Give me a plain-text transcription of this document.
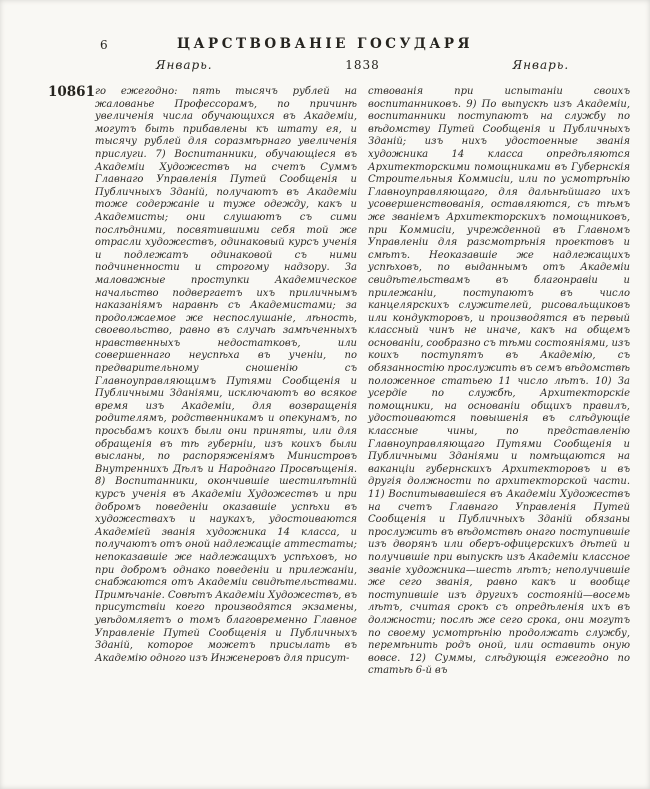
6	ЦАРСТВОВАНІЕ ГОСУДАРЯ
Январь.	1838	Январь.
10861 го ежегодно: пять тысячъ рублей на жалованье Профессорамъ, по причинѣ увеличенія числа обучающихся въ Академіи, могутъ быть прибавлены къ штату ея, и тысячу рублей для соразмѣрнаго увеличенія прислуги. 7) Воспитанники, обучающіеся въ Академіи Художествъ на счетъ Суммъ Главнаго Управленія Путей Сообщенія и Публичныхъ Зданій, получаютъ въ Академіи тоже содержаніе и туже одежду, какъ и Академисты; они слушаютъ съ сими послѣдними, посвятившими себя той же отрасли художествъ, одинаковый курсъ ученія и подлежатъ одинаковой съ ними подчиненности и строгому надзору. За маловажные проступки Академическое начальство подвергаетъ ихъ приличнымъ наказаніямъ наравнѣ съ Академистами; за продолжаемое же неспослушаніе, лѣность, своевольство, равно въ случаѣ замѣченныхъ нравственныхъ недостатковъ, или совершеннаго неуспѣха въ ученіи, по предварительному сношенію съ Главноуправляющимъ Путями Сообщенія и Публичными Зданіями, исключаютъ во всякое время изъ Академіи, для возвращенія родителямъ, родственникамъ и опекунамъ, по просьбамъ коихъ были они приняты, или для обращенія въ тѣ губерніи, изъ коихъ были высланы, по распоряженіямъ Министровъ Внутреннихъ Дѣлъ и Народнаго Просвѣщенія. 8) Воспитанники, окончившіе шестилѣтній курсъ ученія въ Академіи Художествъ и при добромъ поведеніи оказавшіе успѣхи въ художествахъ и наукахъ, удостоиваются Академіей званія художника 14 класса, и получаютъ отъ оной надлежащіе аттестаты; непоказавшіе же надлежащихъ успѣховъ, но при добромъ однако поведеніи и прилежаніи, снабжаются отъ Академіи свидѣтельствами. Примѣчаніе. Совѣтъ Академіи Художествъ, въ присутствіи коего производятся экзамены, увѣдомляетъ о томъ благовременно Главное Управленіе Путей Сообщенія и Публичныхъ Зданій, которое можетъ присылать въ Академію одного изъ Инженеровъ для присут-
ствованія при испытаніи своихъ воспитанниковъ. 9) По выпускѣ изъ Академіи, воспитанники поступаютъ на службу по вѣдомству Путей Сообщенія и Публичныхъ Зданій; изъ нихъ удостоенные званія художника 14 класса опредѣляются Архитекторскими помощниками въ Губернскія Строительныя Коммисіи, или по усмотрѣнію Главноуправляющаго, для дальнѣйшаго ихъ усовершенствованія, оставляются, съ тѣмъ же званіемъ Архитекторскихъ помощниковъ, при Коммисіи, учрежденной въ Главномъ Управленіи для разсмотрѣнія проектовъ и смѣтъ. Неоказавшіе же надлежащихъ успѣховъ, по выданнымъ отъ Академіи свидѣтельствамъ въ благонравіи и прилежаніи, поступаютъ въ число канцелярскихъ служителей, рисовальщиковъ или кондукторовъ, и производятся въ первый классный чинъ не иначе, какъ на общемъ основаніи, сообразно съ тѣми состояніями, изъ коихъ поступятъ въ Академію, съ обязанностію прослужить въ семъ вѣдомствѣ положенное статьею 11 число лѣтъ. 10) За усердіе по службѣ, Архитекторскіе помощники, на основаніи общихъ правилъ, удостоиваются повышенія въ слѣдующіе классные чины, по представленію Главноуправляющаго Путями Сообщенія и Публичными Зданіями и помѣщаются на ваканціи губернскихъ Архитекторовъ и въ другія должности по архитекторской части. 11) Воспитывавшіеся въ Академіи Художествъ на счетъ Главнаго Управленія Путей Сообщенія и Публичныхъ Зданій обязаны прослужить въ вѣдомствѣ онаго поступившіе изъ дворянъ или оберъ-офицерскихъ дѣтей и получившіе при выпускѣ изъ Академіи классное званіе художника—шесть лѣтъ; неполучившіе же сего званія, равно какъ и вообще поступившіе изъ другихъ состояній—восемь лѣтъ, считая срокъ съ опредѣленія ихъ въ должности; послѣ же сего срока, они могутъ по своему усмотрѣнію продолжать службу, перемѣнить родъ оной, или оставить оную вовсе. 12) Суммы, слѣдующія ежегодно по статьѣ 6-й въ
